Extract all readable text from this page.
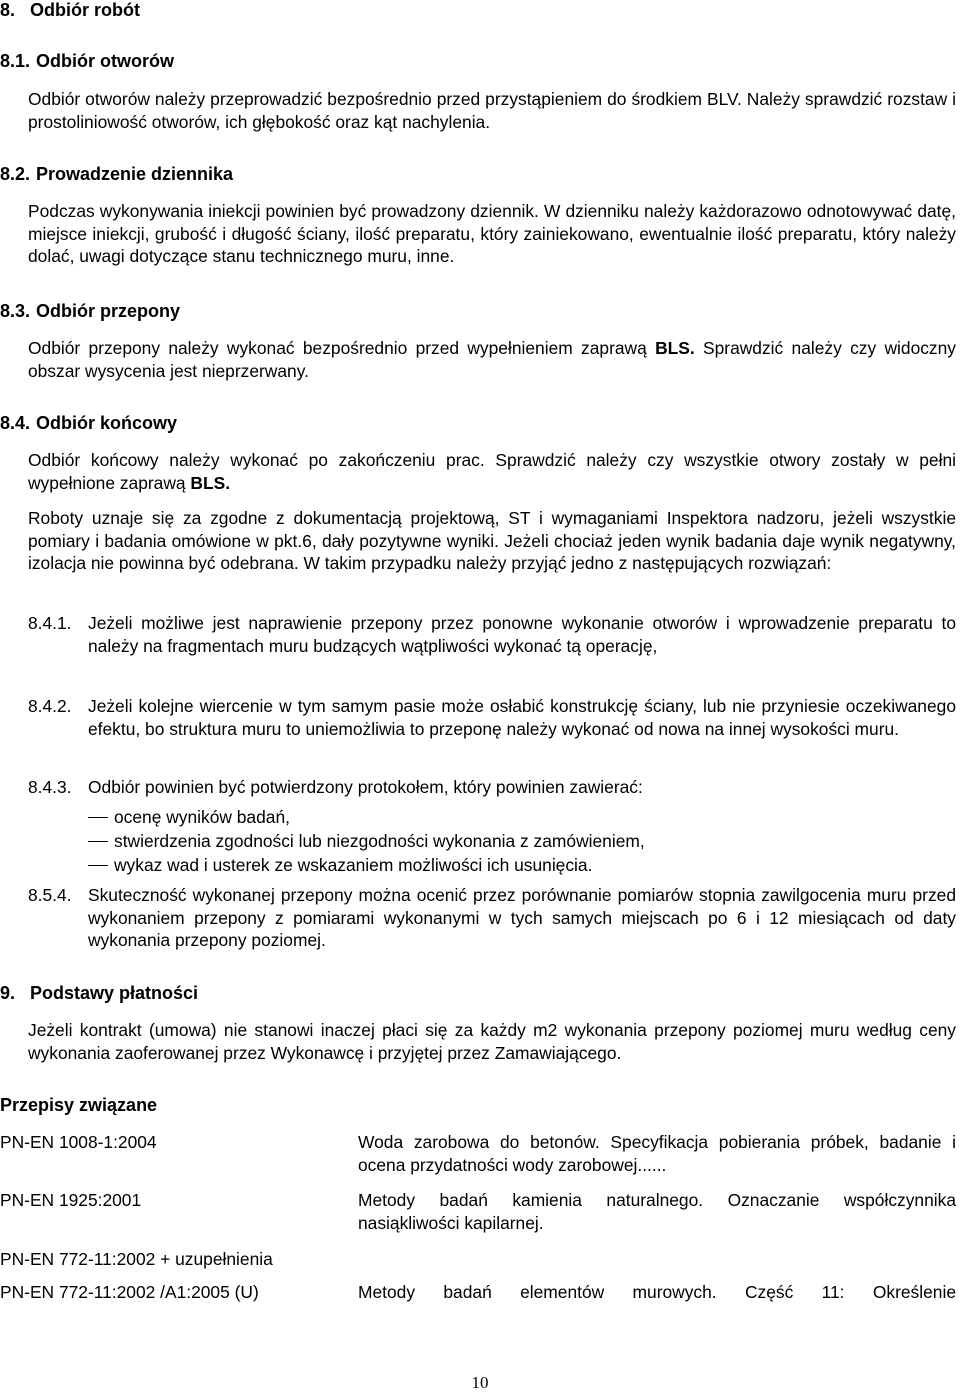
8.   Odbiór robót
8.1. Odbiór otworów

Odbiór otworów należy przeprowadzić bezpośrednio przed przystąpieniem do środkiem BLV. Należy sprawdzić rozstaw i prostoliniowość otworów, ich głębokość oraz kąt nachylenia.

8.2. Prowadzenie dziennika

Podczas wykonywania iniekcji powinien być prowadzony dziennik. W dzienniku należy każdorazowo odnotowywać datę, miejsce iniekcji, grubość i długość ściany, ilość preparatu, który zainiekowano, ewentualnie ilość preparatu, który należy dolać, uwagi dotyczące stanu technicznego muru, inne.

8.3. Odbiór przepony

Odbiór przepony należy wykonać bezpośrednio przed wypełnieniem zaprawą BLS. Sprawdzić należy czy widoczny obszar wysycenia jest nieprzerwany.

8.4. Odbiór końcowy

Odbiór końcowy należy wykonać po zakończeniu prac. Sprawdzić należy czy wszystkie otwory zostały w pełni wypełnione zaprawą BLS.

Roboty uznaje się za zgodne z dokumentacją projektową, ST i wymaganiami Inspektora nadzoru, jeżeli wszystkie pomiary i badania omówione w pkt.6, dały pozytywne wyniki. Jeżeli chociaż jeden wynik badania daje wynik negatywny, izolacja nie powinna być odebrana. W takim przypadku należy przyjąć jedno z następujących rozwiązań:

8.4.1. Jeżeli możliwe jest naprawienie przepony przez ponowne wykonanie otworów i wprowadzenie preparatu to należy na fragmentach muru budzących wątpliwości wykonać tą operację,

8.4.2. Jeżeli kolejne wiercenie w tym samym pasie może osłabić konstrukcję ściany, lub nie przyniesie oczekiwanego efektu, bo struktura muru to uniemożliwia to przeponę należy wykonać od nowa na innej wysokości muru.

8.4.3. Odbiór powinien być potwierdzony protokołem, który powinien zawierać:

ocenę wyników badań,
stwierdzenia zgodności lub niezgodności wykonania z zamówieniem,
wykaz wad i usterek ze wskazaniem możliwości ich usunięcia.
8.5.4. Skuteczność wykonanej przepony można ocenić przez porównanie pomiarów stopnia zawilgocenia muru przed wykonaniem przepony z pomiarami wykonanymi w tych samych miejscach po 6 i 12 miesiącach od daty wykonania przepony poziomej.

9.   Podstawy płatności

Jeżeli kontrakt (umowa) nie stanowi inaczej płaci się za każdy m2 wykonania przepony poziomej muru według ceny wykonania zaoferowanej przez Wykonawcę i przyjętej przez Zamawiającego.

Przepisy związane
PN-EN 1008-1:2004	Woda zarobowa do betonów. Specyfikacja pobierania próbek, badanie i ocena przydatności wody zarobowej......

PN-EN 1925:2001	Metody badań kamienia naturalnego. Oznaczanie współczynnika nasiąkliwości kapilarnej.

PN-EN 772-11:2002 + uzupełnienia
PN-EN 772-11:2002 /A1:2005 (U)	Metody badań elementów murowych. Część 11: Określenie

10
